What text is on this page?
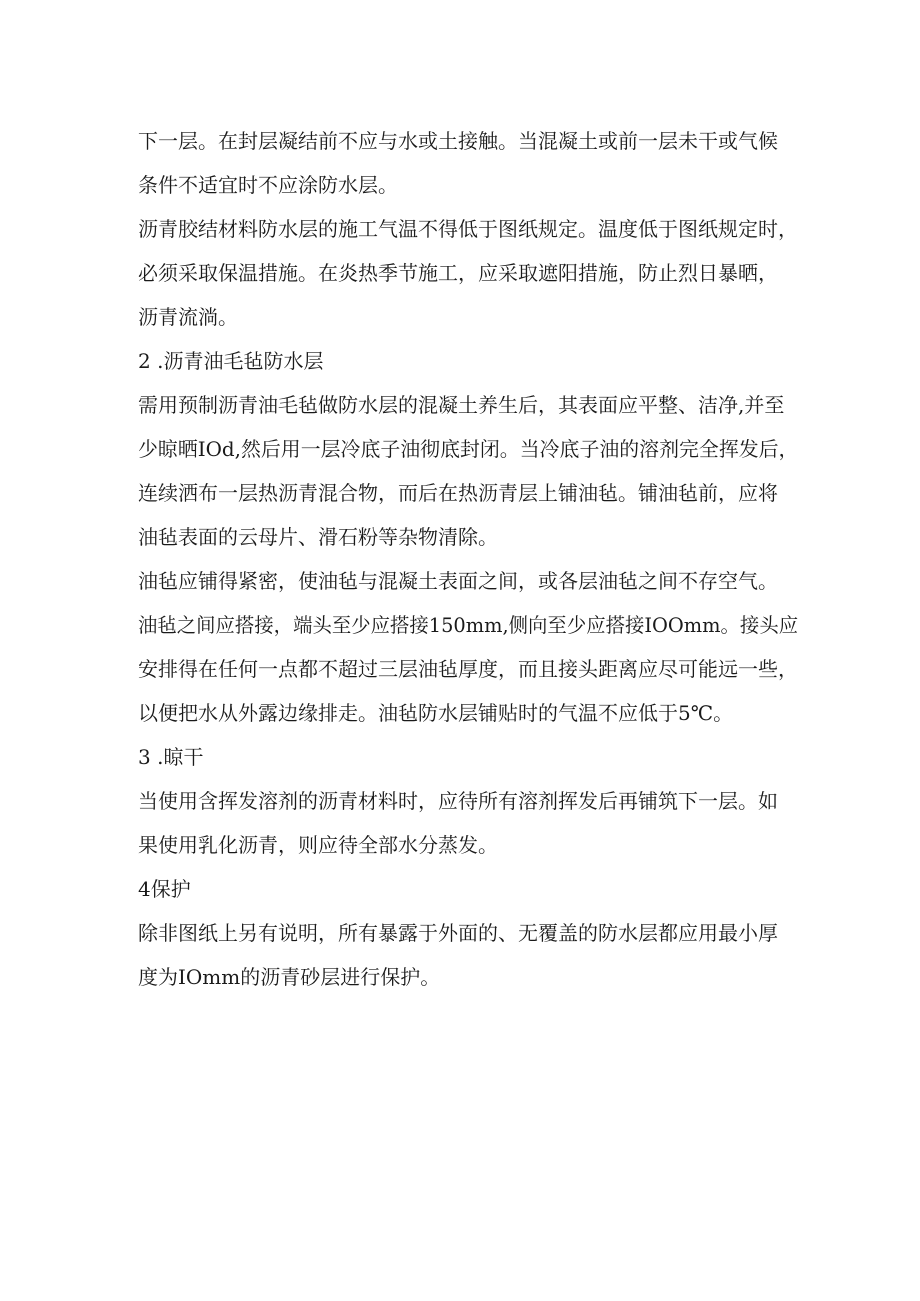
下一层。在封层凝结前不应与水或土接触。当混凝土或前一层未干或气候
条件不适宜时不应涂防水层。
沥青胶结材料防水层的施工气温不得低于图纸规定。温度低于图纸规定时，
必须采取保温措施。在炎热季节施工，应采取遮阳措施，防止烈日暴晒，
沥青流淌。
2 .沥青油毛毡防水层
需用预制沥青油毛毡做防水层的混凝土养生后，其表面应平整、洁净,并至
少晾晒IOd,然后用一层冷底子油彻底封闭。当冷底子油的溶剂完全挥发后，
连续洒布一层热沥青混合物，而后在热沥青层上铺油毡。铺油毡前，应将
油毡表面的云母片、滑石粉等杂物清除。
油毡应铺得紧密，使油毡与混凝土表面之间，或各层油毡之间不存空气。
油毡之间应搭接，端头至少应搭接150mm,侧向至少应搭接IOOmm。接头应
安排得在任何一点都不超过三层油毡厚度，而且接头距离应尽可能远一些，
以便把水从外露边缘排走。油毡防水层铺贴时的气温不应低于5℃。
3 .晾干
当使用含挥发溶剂的沥青材料时，应待所有溶剂挥发后再铺筑下一层。如
果使用乳化沥青，则应待全部水分蒸发。
4保护
除非图纸上另有说明，所有暴露于外面的、无覆盖的防水层都应用最小厚
度为IOmm的沥青砂层进行保护。
